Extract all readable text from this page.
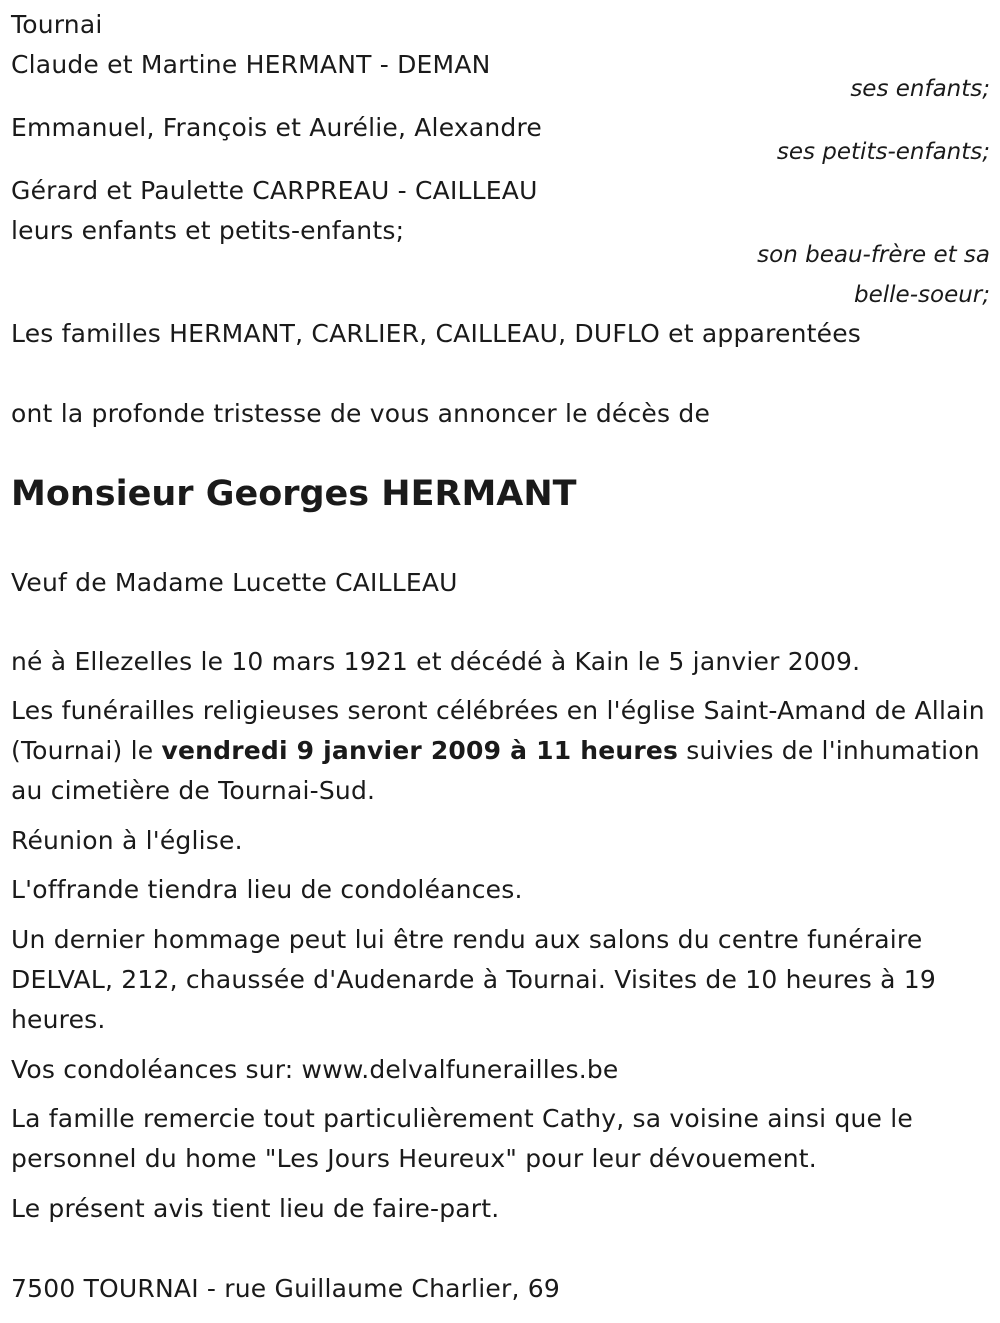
Tournai
Claude et Martine HERMANT - DEMAN
ses enfants;
Emmanuel, François et Aurélie, Alexandre
ses petits-enfants;
Gérard et Paulette CARPREAU - CAILLEAU
leurs enfants et petits-enfants;
son beau-frère et sa
belle-soeur;
Les familles HERMANT, CARLIER, CAILLEAU, DUFLO et apparentées
ont la profonde tristesse de vous annoncer le décès de
Monsieur Georges HERMANT
Veuf de Madame Lucette CAILLEAU
né à Ellezelles le 10 mars 1921 et décédé à Kain le 5 janvier 2009.
Les funérailles religieuses seront célébrées en l'église Saint-Amand de Allain (Tournai) le vendredi 9 janvier 2009 à 11 heures suivies de l'inhumation au cimetière de Tournai-Sud.
Réunion à l'église.
L'offrande tiendra lieu de condoléances.
Un dernier hommage peut lui être rendu aux salons du centre funéraire DELVAL, 212, chaussée d'Audenarde à Tournai. Visites de 10 heures à 19 heures.
Vos condoléances sur: www.delvalfunerailles.be
La famille remercie tout particulièrement Cathy, sa voisine ainsi que le personnel du home "Les Jours Heureux" pour leur dévouement.
Le présent avis tient lieu de faire-part.
7500 TOURNAI - rue Guillaume Charlier, 69
